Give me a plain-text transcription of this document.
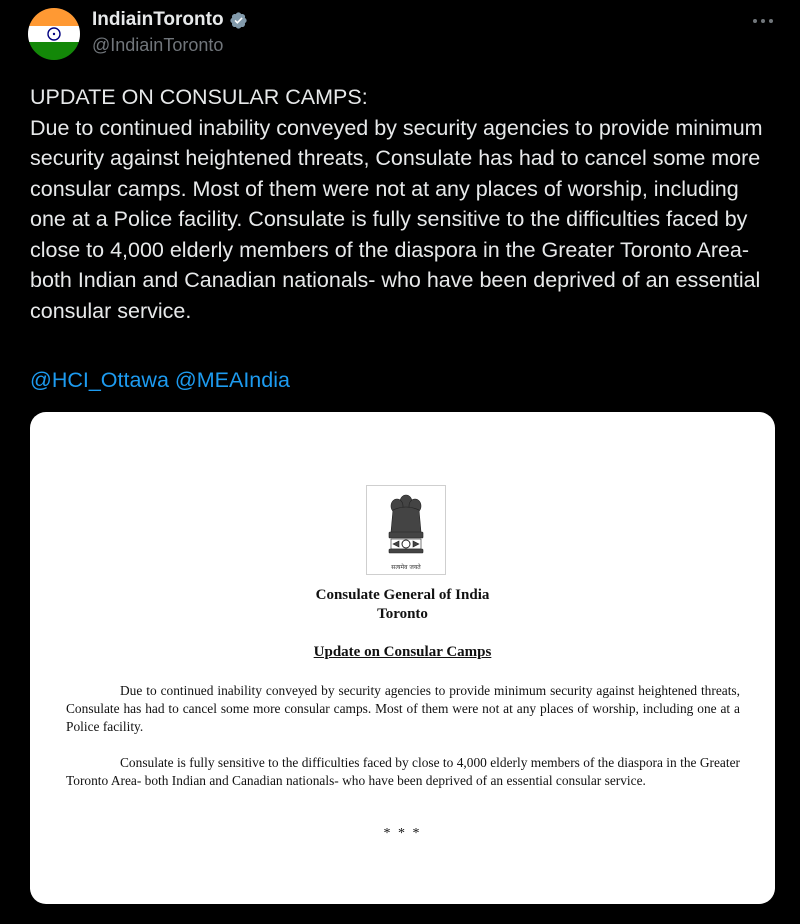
IndiainToronto
@IndiainToronto

UPDATE ON CONSULAR CAMPS:

Due to continued inability conveyed by security agencies to provide minimum security against heightened threats, Consulate has had to cancel some more consular camps. Most of them were not at any places of worship, including one at a Police facility. Consulate is fully sensitive to the difficulties faced by close to 4,000 elderly members of the diaspora in the Greater Toronto Area- both Indian and Canadian nationals- who have been deprived of an essential consular service.

@HCI_Ottawa @MEAIndia
सत्यमेव जयते
Consulate General of India
Toronto
Update on Consular Camps

Due to continued inability conveyed by security agencies to provide minimum security against heightened threats, Consulate has had to cancel some more consular camps. Most of them were not at any places of worship, including one at a Police facility.

Consulate is fully sensitive to the difficulties faced by close to 4,000 elderly members of the diaspora in the Greater Toronto Area- both Indian and Canadian nationals- who have been deprived of an essential consular service.

* * *
